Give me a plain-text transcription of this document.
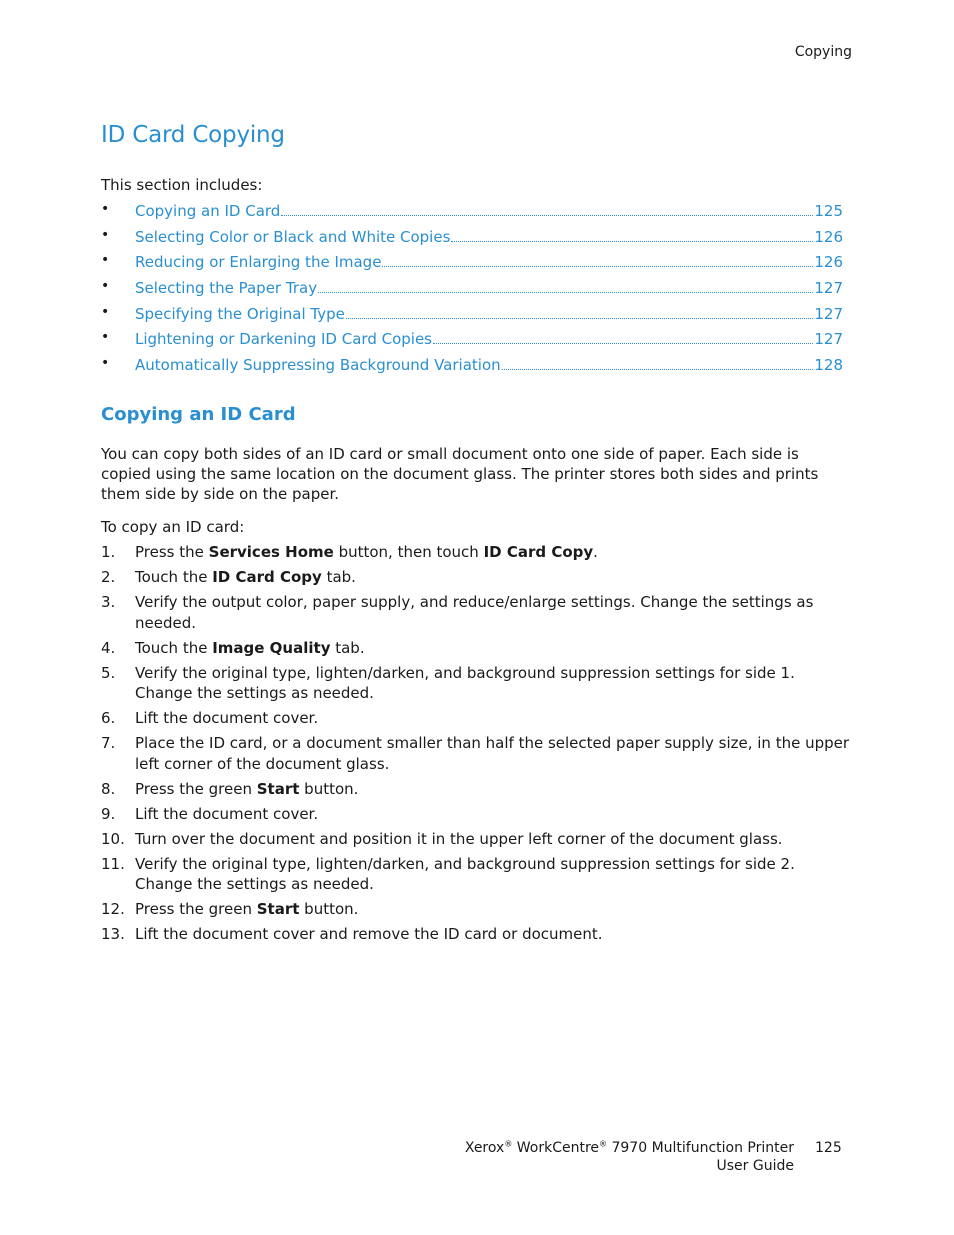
Copying
ID Card Copying
This section includes:
• Copying an ID Card	125
• Selecting Color or Black and White Copies	126
• Reducing or Enlarging the Image	126
• Selecting the Paper Tray	127
• Specifying the Original Type	127
• Lightening or Darkening ID Card Copies	127
• Automatically Suppressing Background Variation	128
Copying an ID Card

You can copy both sides of an ID card or small document onto one side of paper. Each side is copied using the same location on the document glass. The printer stores both sides and prints them side by side on the paper.

To copy an ID card:
1. Press the Services Home button, then touch ID Card Copy.
2. Touch the ID Card Copy tab.
3. Verify the output color, paper supply, and reduce/enlarge settings. Change the settings as needed.
4. Touch the Image Quality tab.
5. Verify the original type, lighten/darken, and background suppression settings for side 1. Change the settings as needed.
6. Lift the document cover.
7. Place the ID card, or a document smaller than half the selected paper supply size, in the upper left corner of the document glass.
8. Press the green Start button.
9. Lift the document cover.
10. Turn over the document and position it in the upper left corner of the document glass.
11. Verify the original type, lighten/darken, and background suppression settings for side 2. Change the settings as needed.
12. Press the green Start button.
13. Lift the document cover and remove the ID card or document.
Xerox® WorkCentre® 7970 Multifunction Printer
User Guide
125
